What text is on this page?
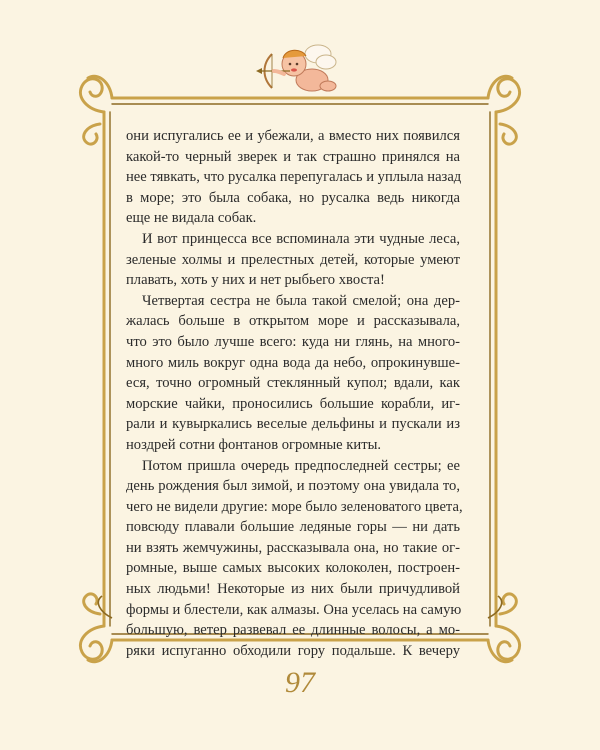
они испугались ее и убежали, а вместо них появился
какой-то черный зверек и так страшно принялся на
нее тявкать, что русалка перепугалась и уплыла назад
в море; это была собака, но русалка ведь никогда
еще не видала собак.
И вот принцесса все вспоминала эти чудные леса,
зеленые холмы и прелестных детей, которые умеют
плавать, хоть у них и нет рыбьего хвоста!
Четвертая сестра не была такой смелой; она дер-
жалась больше в открытом море и рассказывала,
что это было лучше всего: куда ни глянь, на много-
много миль вокруг одна вода да небо, опрокинувше-
еся, точно огромный стеклянный купол; вдали, как
морские чайки, проносились большие корабли, иг-
рали и кувыркались веселые дельфины и пускали из
ноздрей сотни фонтанов огромные киты.
Потом пришла очередь предпоследней сестры; ее
день рождения был зимой, и поэтому она увидала то,
чего не видели другие: море было зеленоватого цвета,
повсюду плавали большие ледяные горы — ни дать
ни взять жемчужины, рассказывала она, но такие ог-
ромные, выше самых высоких колоколен, построен-
ных людьми! Некоторые из них были причудливой
формы и блестели, как алмазы. Она уселась на самую
большую, ветер развевал ее длинные волосы, а мо-
ряки испуганно обходили гору подальше. К вечеру
97
